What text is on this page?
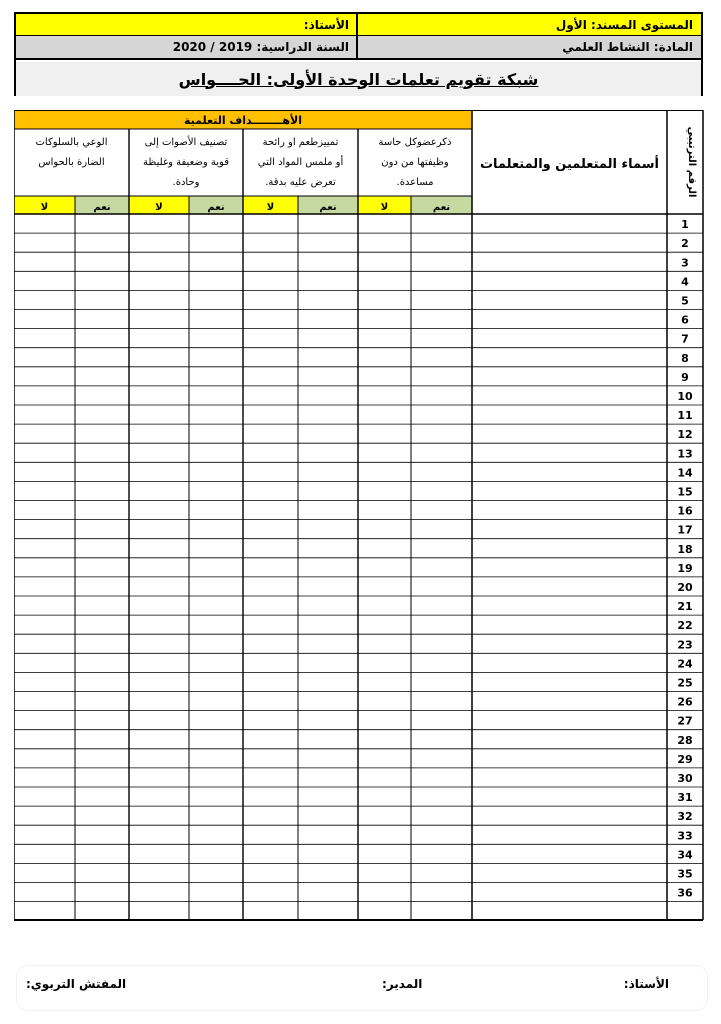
المستوى المسند: الأول
الأستاذ:
المادة: النشاط العلمي
السنة الدراسية: 2019 / 2020
شبكة تقويم تعلمات الوحدة الأولى: الحــــواس
الأهــــــــداف التعلمية
أسماء المتعلمين والمتعلمات	الرقم الترتيبي
ذكرعضوكل حاسة
وظيفتها من دون
مساعدة.
تمييزطعم او رائحة
أو ملمس المواد التي
تعرض عليه بدقة.
تصنيف الأصوات إلى
قوية وضعيفة وغليظة
وحادة.
الوعي بالسلوكات
الضارة بالحواس
لا	نعم	لا	نعم	لا	نعم	لا	نعم
1
2
3
4
5
6
7
8
9
10
11
12
13
14
15
16
17
18
19
20
21
22
23
24
25
26
27
28
29
30
31
32
33
34
35
36
الأستاذ:
المدير:
المفتش التربوي:
